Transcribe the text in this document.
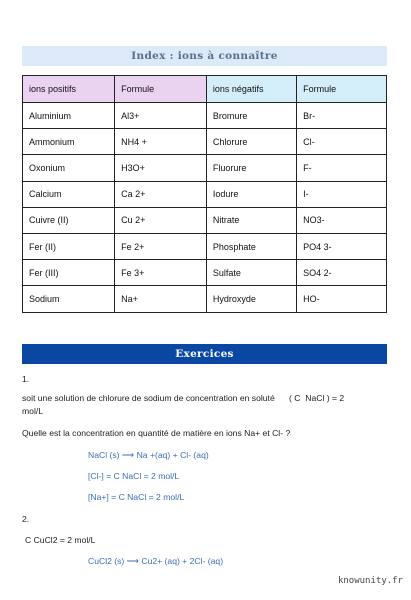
Index : ions à connaître
ions positifs	Formule	ions négatifs	Formule
Aluminium	Al3+	Bromure	Br-
Ammonium	NH4 +	Chlorure	Cl-
Oxonium	H3O+	Fluorure	F-
Calcium	Ca 2+	Iodure	I-
Cuivre (II)	Cu 2+	Nitrate	NO3-
Fer (II)	Fe 2+	Phosphate	PO4 3-
Fer (III)	Fe 3+	Sulfate	SO4 2-
Sodium	Na+	Hydroxyde	HO-
Exercices
1.
soit une solution de chlorure de sodium de concentration en soluté      ( C  NaCl ) = 2
mol/L
Quelle est la concentration en quantité de matière en ions Na+ et Cl- ?
NaCl (s) ⟶ Na +(aq) + Cl- (aq)
[Cl-] = C NaCl = 2 mol/L
[Na+] = C NaCl = 2 mol/L
2.
C CuCl2 = 2 mol/L
CuCl2 (s) ⟶ Cu2+ (aq) + 2Cl- (aq)
knowunity.fr
